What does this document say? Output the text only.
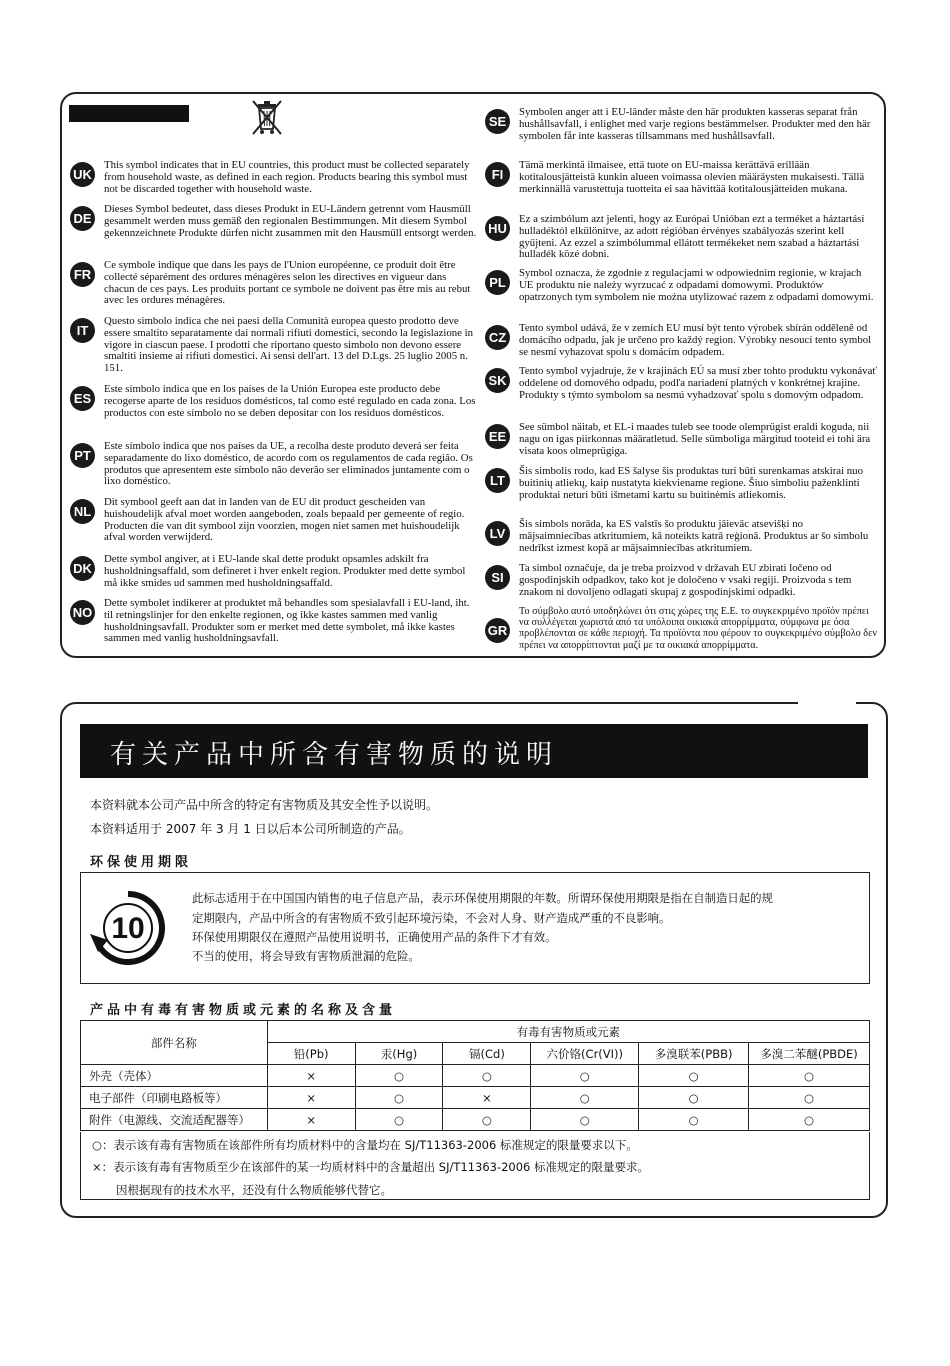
UK
This symbol indicates that in EU countries, this product must be collected separately from household waste, as defined in each region. Products bearing this symbol must not be discarded together with household waste.
DE
Dieses Symbol bedeutet, dass dieses Produkt in EU-Ländern getrennt vom Hausmüll gesammelt werden muss gemäß den regionalen Bestimmungen. Mit diesem Symbol gekennzeichnete Produkte dürfen nicht zusammen mit den Hausmüll entsorgt werden.
FR
Ce symbole indique que dans les pays de l'Union européenne, ce produit doit être collecté séparément des ordures ménagères selon les directives en vigueur dans chacun de ces pays. Les produits portant ce symbole ne doivent pas être mis au rebut avec les ordures ménagères.
IT
Questo simbolo indica che nei paesi della Comunità europea questo prodotto deve essere smaltito separatamente dai normali rifiuti domestici, secondo la legislazione in vigore in ciascun paese. I prodotti che riportano questo simbolo non devono essere smaltiti insieme ai rifiuti domestici. Ai sensi dell'art. 13 del D.Lgs. 25 luglio 2005 n. 151.
ES
Este símbolo indica que en los países de la Unión Europea este producto debe recogerse aparte de los residuos domésticos, tal como esté regulado en cada zona. Los productos con este símbolo no se deben depositar con los residuos domésticos.
PT
Este símbolo indica que nos países da UE, a recolha deste produto deverá ser feita separadamente do lixo doméstico, de acordo com os regulamentos de cada região. Os produtos que apresentem este símbolo não deverão ser eliminados juntamente com o lixo doméstico.
NL
Dit symbool geeft aan dat in landen van de EU dit product gescheiden van huishoudelijk afval moet worden aangeboden, zoals bepaald per gemeente of regio. Producten die van dit symbool zijn voorzien, mogen niet samen met huishoudelijk afval worden verwijderd.
DK
Dette symbol angiver, at i EU-lande skal dette produkt opsamles adskilt fra husholdningsaffald, som defineret i hver enkelt region. Produkter med dette symbol må ikke smides ud sammen med husholdningsaffald.
NO
Dette symbolet indikerer at produktet må behandles som spesialavfall i EU-land, iht. til retningslinjer for den enkelte regionen, og ikke kastes sammen med vanlig husholdningsavfall. Produkter som er merket med dette symbolet, må ikke kastes sammen med vanlig husholdningsavfall.
SE
Symbolen anger att i EU-länder måste den här produkten kasseras separat från hushållsavfall, i enlighet med varje regions bestämmelser. Produkter med den här symbolen får inte kasseras tillsammans med hushållsavfall.
FI
Tämä merkintä ilmaisee, että tuote on EU-maissa kerättävä erillään kotitalousjätteistä kunkin alueen voimassa olevien määräysten mukaisesti. Tällä merkinnällä varustettuja tuotteita ei saa hävittää kotitalousjätteiden mukana.
HU
Ez a szimbólum azt jelenti, hogy az Európai Unióban ezt a terméket a háztartási hulladéktól elkülönítve, az adott régióban érvényes szabályozás szerint kell gyűjteni. Az ezzel a szimbólummal ellátott termékeket nem szabad a háztartási hulladék közé dobni.
PL
Symbol oznacza, że zgodnie z regulacjami w odpowiednim regionie, w krajach UE produktu nie należy wyrzucać z odpadami domowymi. Produktów opatrzonych tym symbolem nie można utylizować razem z odpadami domowymi.
CZ
Tento symbol udává, že v zemích EU musí být tento výrobek sbírán odděleně od domácího odpadu, jak je určeno pro každý region. Výrobky nesoucí tento symbol se nesmí vyhazovat spolu s domácím odpadem.
SK
Tento symbol vyjadruje, že v krajinách EÚ sa musí zber tohto produktu vykonávať oddelene od domového odpadu, podľa nariadení platných v konkrétnej krajine. Produkty s týmto symbolom sa nesmú vyhadzovať spolu s domovým odpadom.
EE
See sümbol näitab, et EL-i maades tuleb see toode olemprügist eraldi koguda, nii nagu on igas piirkonnas määratletud. Selle sümboliga märgitud tooteid ei tohi ära visata koos olmeprügiga.
LT
Šis simbolis rodo, kad ES šalyse šis produktas turi būti surenkamas atskirai nuo buitinių atliekų, kaip nustatyta kiekviename regione. Šiuo simboliu paženklinti produktai neturi būti išmetami kartu su buitinėmis atliekomis.
LV
Šis simbols norāda, ka ES valstīs šo produktu jāievāc atsevišķi no mājsaimniecības atkritumiem, kā noteikts katrā reģionā. Produktus ar šo simbolu nedrīkst izmest kopā ar mājsaimniecības atkritumiem.
SI
Ta simbol označuje, da je treba proizvod v državah EU zbirati ločeno od gospodinjskih odpadkov, tako kot je določeno v vsaki regiji. Proizvoda s tem znakom ni dovoljeno odlagati skupaj z gospodinjskimi odpadki.
GR
Το σύμβολο αυτό υποδηλώνει ότι στις χώρες της Ε.Ε. το συγκεκριμένο προϊόν πρέπει να συλλέγεται χωριστά από τα υπόλοιπα οικιακά απορρίμματα, σύμφωνα με όσα προβλέπονται σε κάθε περιοχή. Τα προϊόντα που φέρουν το συγκεκριμένο σύμβολο δεν πρέπει να απορρίπτονται μαζί με τα οικιακά απορρίμματα.
有关产品中所含有害物质的说明
本资料就本公司产品中所含的特定有害物质及其安全性予以说明。
本资料适用于 2007 年 3 月 1 日以后本公司所制造的产品。
环保使用期限
10
此标志适用于在中国国内销售的电子信息产品，表示环保使用期限的年数。所谓环保使用期限是指在自制造日起的规
定期限内，产品中所含的有害物质不致引起环境污染，不会对人身、财产造成严重的不良影响。
环保使用期限仅在遵照产品使用说明书，正确使用产品的条件下才有效。
不当的使用，将会导致有害物质泄漏的危险。
产品中有毒有害物质或元素的名称及含量
部件名称	有毒有害物质或元素					
	铅(Pb)	汞(Hg)	镉(Cd)	六价铬(Cr(VI))	多溴联苯(PBB)	多溴二苯醚(PBDE)
外壳（壳体）	×	○	○	○	○	○
电子部件（印刷电路板等）	×	○	×	○	○	○
附件（电源线、交流适配器等）	×	○	○	○	○	○
○：表示该有毒有害物质在该部件所有均质材料中的含量均在 SJ/T11363-2006 标准规定的限量要求以下。
×：表示该有毒有害物质至少在该部件的某一均质材料中的含量超出 SJ/T11363-2006 标准规定的限量要求。
因根据现有的技术水平，还没有什么物质能够代替它。
